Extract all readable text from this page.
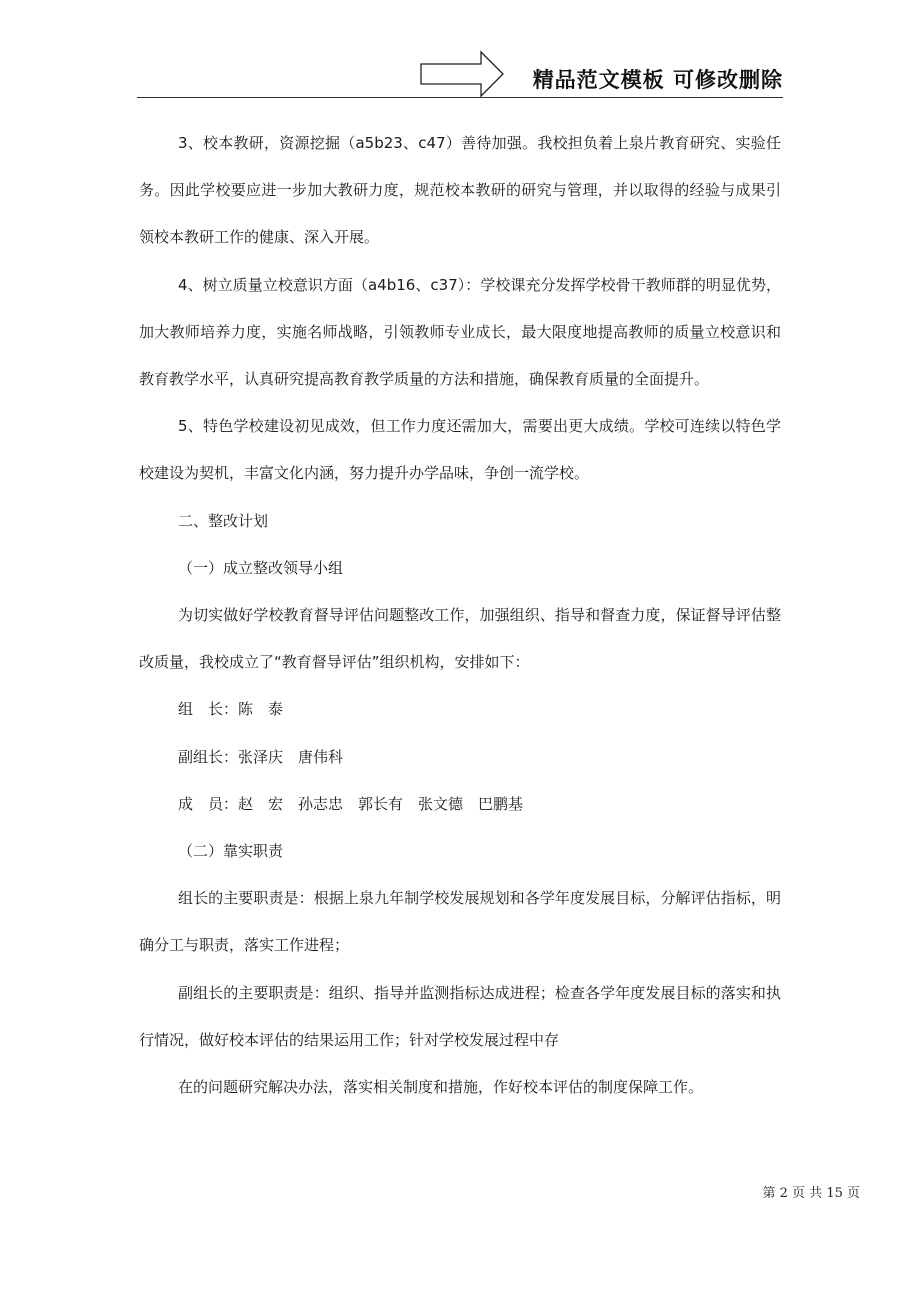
精品范文模板 可修改删除

3、校本教研，资源挖掘（a5b23、c47）善待加强。我校担负着上泉片教育研究、实验任务。因此学校要应进一步加大教研力度，规范校本教研的研究与管理，并以取得的经验与成果引领校本教研工作的健康、深入开展。

4、树立质量立校意识方面（a4b16、c37）：学校课充分发挥学校骨干教师群的明显优势，加大教师培养力度，实施名师战略，引领教师专业成长，最大限度地提高教师的质量立校意识和教育教学水平，认真研究提高教育教学质量的方法和措施，确保教育质量的全面提升。

5、特色学校建设初见成效，但工作力度还需加大，需要出更大成绩。学校可连续以特色学校建设为契机，丰富文化内涵，努力提升办学品味，争创一流学校。

二、整改计划

（一）成立整改领导小组

为切实做好学校教育督导评估问题整改工作，加强组织、指导和督查力度，保证督导评估整改质量，我校成立了“教育督导评估”组织机构，安排如下：

组　长：陈　泰

副组长：张泽庆　唐伟科

成　员：赵　宏　孙志忠　郭长有　张文德　巴鹏基

（二）靠实职责

组长的主要职责是：根据上泉九年制学校发展规划和各学年度发展目标，分解评估指标，明确分工与职责，落实工作进程；

副组长的主要职责是：组织、指导并监测指标达成进程；检查各学年度发展目标的落实和执行情况，做好校本评估的结果运用工作；针对学校发展过程中存

在的问题研究解决办法，落实相关制度和措施，作好校本评估的制度保障工作。

第 2 页 共 15 页
